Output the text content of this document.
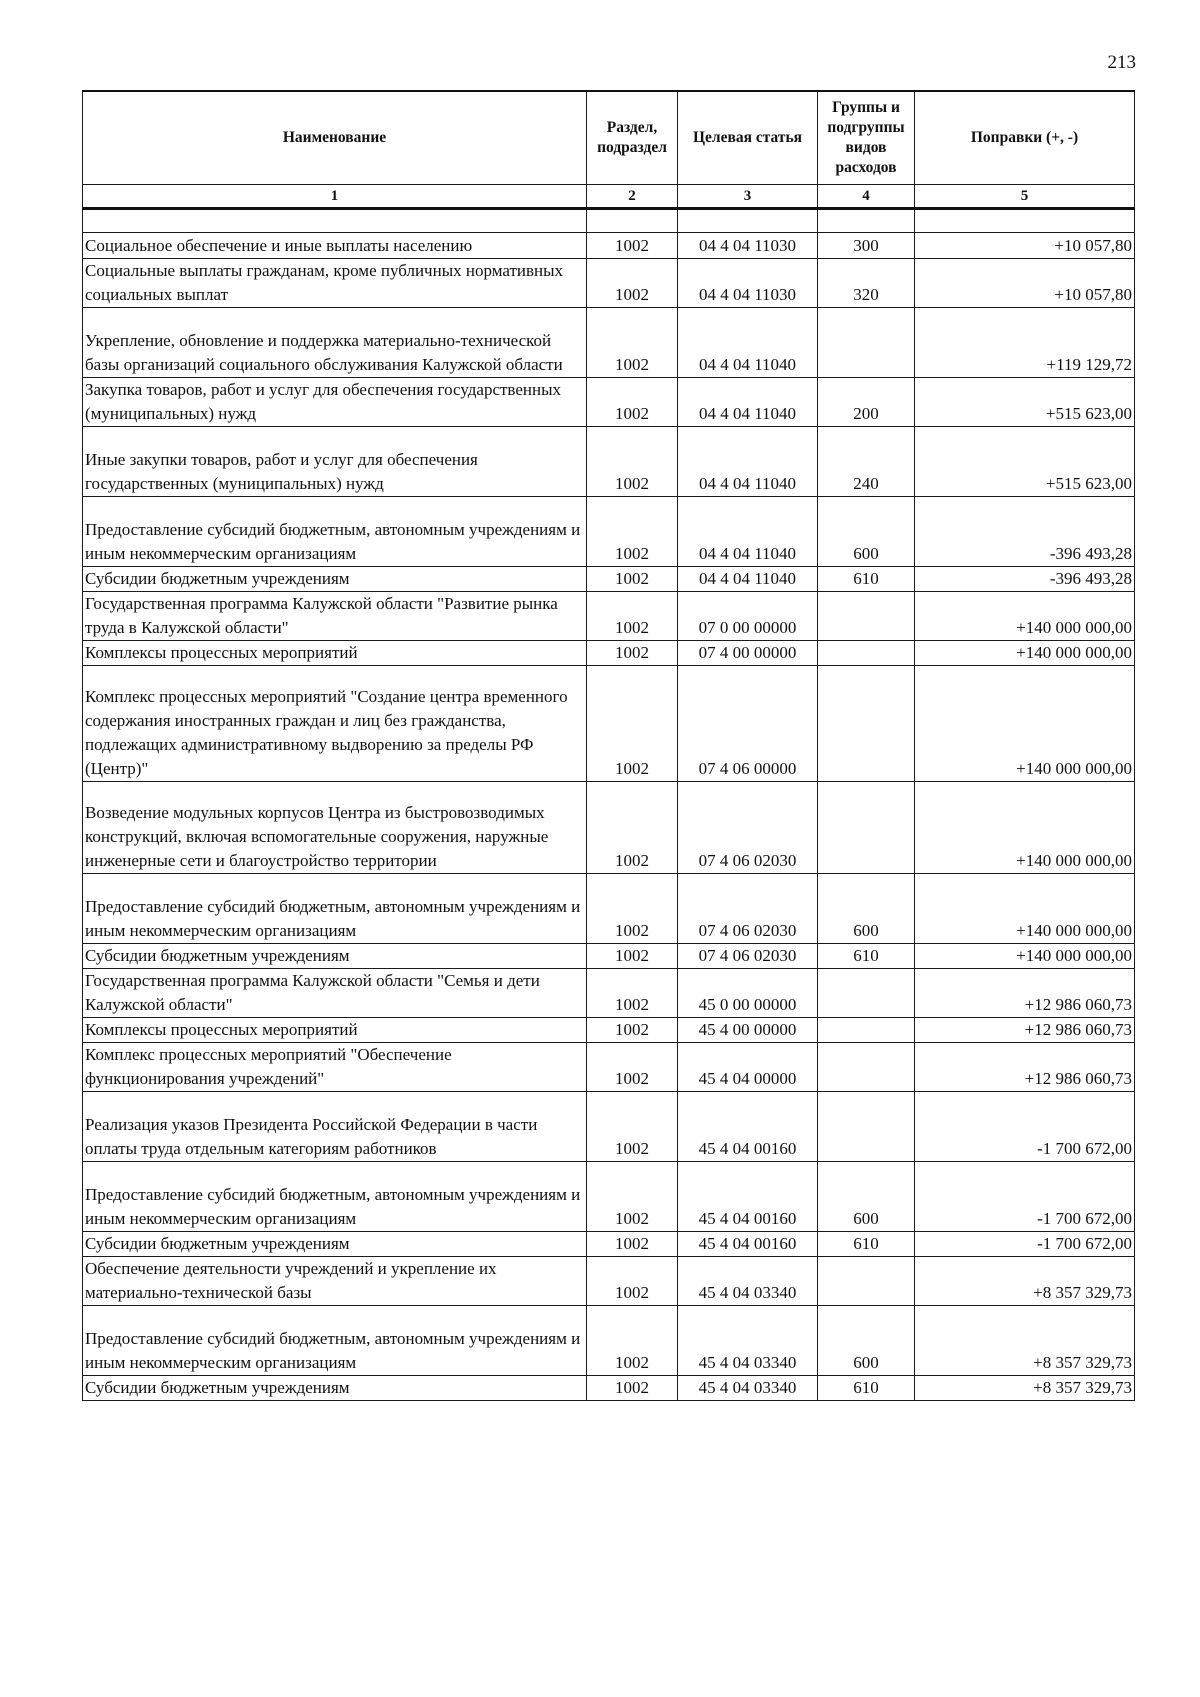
213
Наименование	Раздел, подраздел	Целевая статья	Группы и подгруппы видов расходов	Поправки (+, -)
1	2	3	4	5

Социальное обеспечение и иные выплаты населению	1002	04 4 04 11030	300	+10 057,80
Социальные выплаты гражданам, кроме публичных нормативных социальных выплат	1002	04 4 04 11030	320	+10 057,80
Укрепление, обновление и поддержка материально-технической базы организаций социального обслуживания Калужской области	1002	04 4 04 11040		+119 129,72
Закупка товаров, работ и услуг для обеспечения государственных (муниципальных) нужд	1002	04 4 04 11040	200	+515 623,00
Иные закупки товаров, работ и услуг для обеспечения государственных (муниципальных) нужд	1002	04 4 04 11040	240	+515 623,00
Предоставление субсидий бюджетным, автономным учреждениям и иным некоммерческим организациям	1002	04 4 04 11040	600	-396 493,28
Субсидии бюджетным учреждениям	1002	04 4 04 11040	610	-396 493,28
Государственная программа Калужской области "Развитие рынка труда в Калужской области"	1002	07 0 00 00000		+140 000 000,00
Комплексы процессных мероприятий	1002	07 4 00 00000		+140 000 000,00
Комплекс процессных мероприятий "Создание центра временного содержания иностранных граждан и лиц без гражданства, подлежащих административному выдворению за пределы РФ (Центр)"	1002	07 4 06 00000		+140 000 000,00
Возведение модульных корпусов Центра из быстровозводимых конструкций, включая вспомогательные сооружения, наружные инженерные сети и благоустройство территории	1002	07 4 06 02030		+140 000 000,00
Предоставление субсидий бюджетным, автономным учреждениям и иным некоммерческим организациям	1002	07 4 06 02030	600	+140 000 000,00
Субсидии бюджетным учреждениям	1002	07 4 06 02030	610	+140 000 000,00
Государственная программа Калужской области "Семья и дети Калужской области"	1002	45 0 00 00000		+12 986 060,73
Комплексы процессных мероприятий	1002	45 4 00 00000		+12 986 060,73
Комплекс процессных мероприятий "Обеспечение функционирования учреждений"	1002	45 4 04 00000		+12 986 060,73
Реализация указов Президента Российской Федерации в части оплаты труда отдельным категориям работников	1002	45 4 04 00160		-1 700 672,00
Предоставление субсидий бюджетным, автономным учреждениям и иным некоммерческим организациям	1002	45 4 04 00160	600	-1 700 672,00
Субсидии бюджетным учреждениям	1002	45 4 04 00160	610	-1 700 672,00
Обеспечение деятельности учреждений и укрепление их материально-технической базы	1002	45 4 04 03340		+8 357 329,73
Предоставление субсидий бюджетным, автономным учреждениям и иным некоммерческим организациям	1002	45 4 04 03340	600	+8 357 329,73
Субсидии бюджетным учреждениям	1002	45 4 04 03340	610	+8 357 329,73
